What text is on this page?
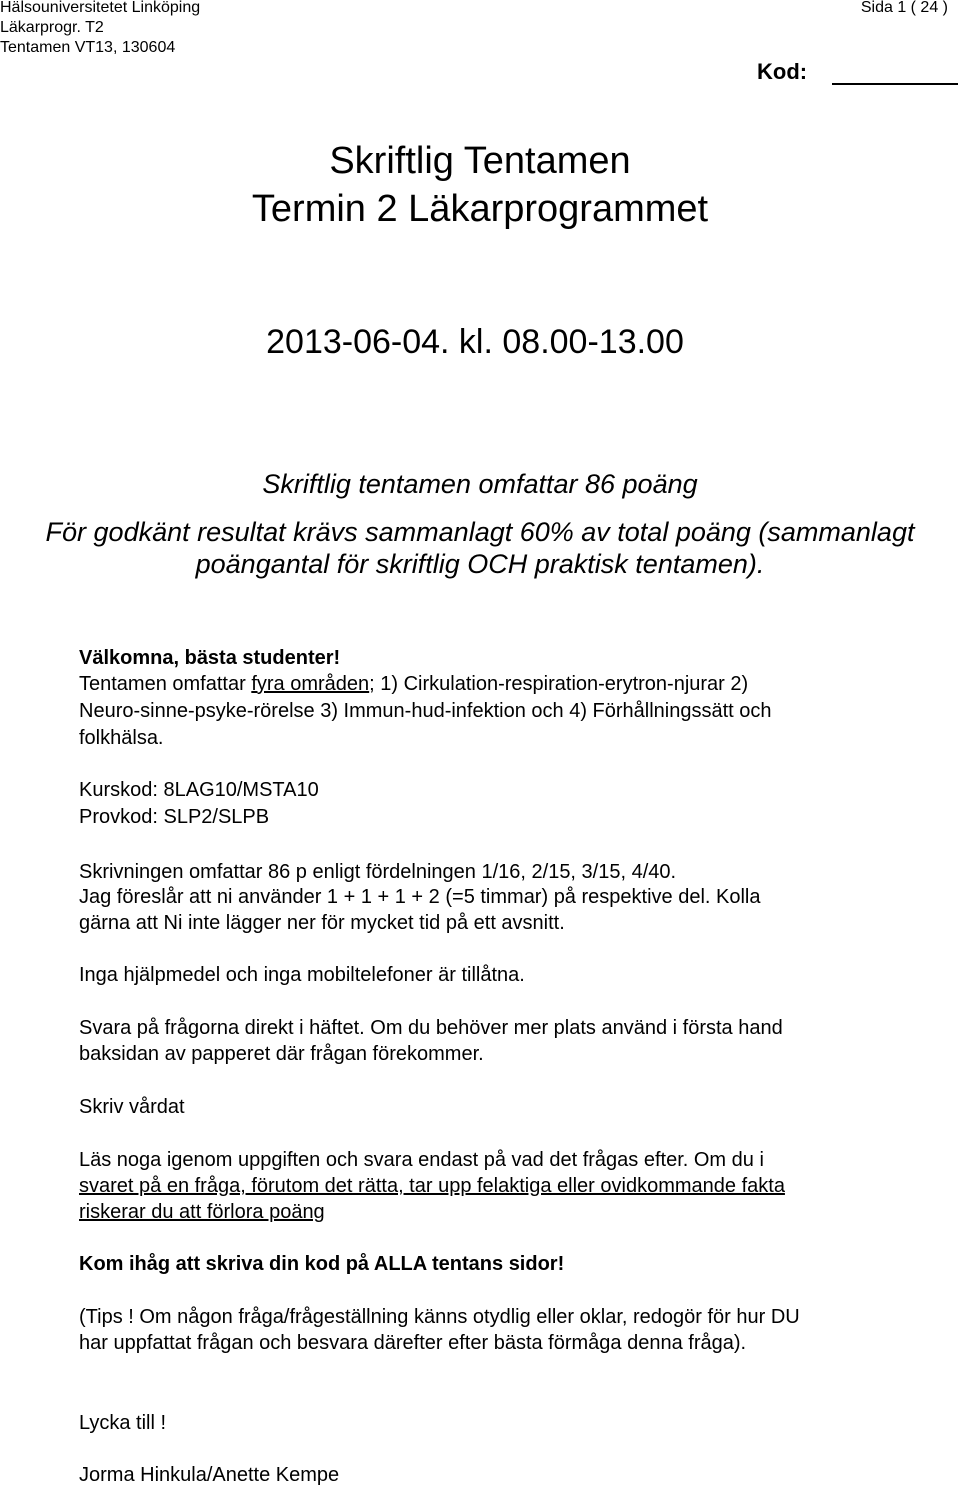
Hälsouniversitetet Linköping
Läkarprogr. T2
Tentamen VT13, 130604
Sida 1 ( 24 )
Kod:
Skriftlig Tentamen
Termin 2 Läkarprogrammet
2013-06-04. kl. 08.00-13.00
Skriftlig tentamen omfattar 86 poäng
För godkänt resultat krävs sammanlagt 60% av total poäng (sammanlagt
poängantal för skriftlig OCH praktisk tentamen).
Välkomna, bästa studenter!
Tentamen omfattar fyra områden; 1) Cirkulation-respiration-erytron-njurar 2)
Neuro-sinne-psyke-rörelse 3) Immun-hud-infektion och 4) Förhållningssätt och
folkhälsa.
Kurskod: 8LAG10/MSTA10
Provkod: SLP2/SLPB
Skrivningen omfattar 86 p enligt fördelningen 1/16, 2/15, 3/15, 4/40.
Jag föreslår att ni använder 1 + 1 + 1 + 2 (=5 timmar) på respektive del. Kolla
gärna att Ni inte lägger ner för mycket tid på ett avsnitt.
Inga hjälpmedel och inga mobiltelefoner är tillåtna.
Svara på frågorna direkt i häftet. Om du behöver mer plats använd i första hand
baksidan av papperet där frågan förekommer.
Skriv vårdat
Läs noga igenom uppgiften och svara endast på vad det frågas efter. Om du i
svaret på en fråga, förutom det rätta, tar upp felaktiga eller ovidkommande fakta
riskerar du att förlora poäng
Kom ihåg att skriva din kod på ALLA tentans sidor!
(Tips ! Om någon fråga/frågeställning känns otydlig eller oklar, redogör för hur DU
har uppfattat frågan och besvara därefter efter bästa förmåga denna fråga).
Lycka till !
Jorma Hinkula/Anette Kempe
